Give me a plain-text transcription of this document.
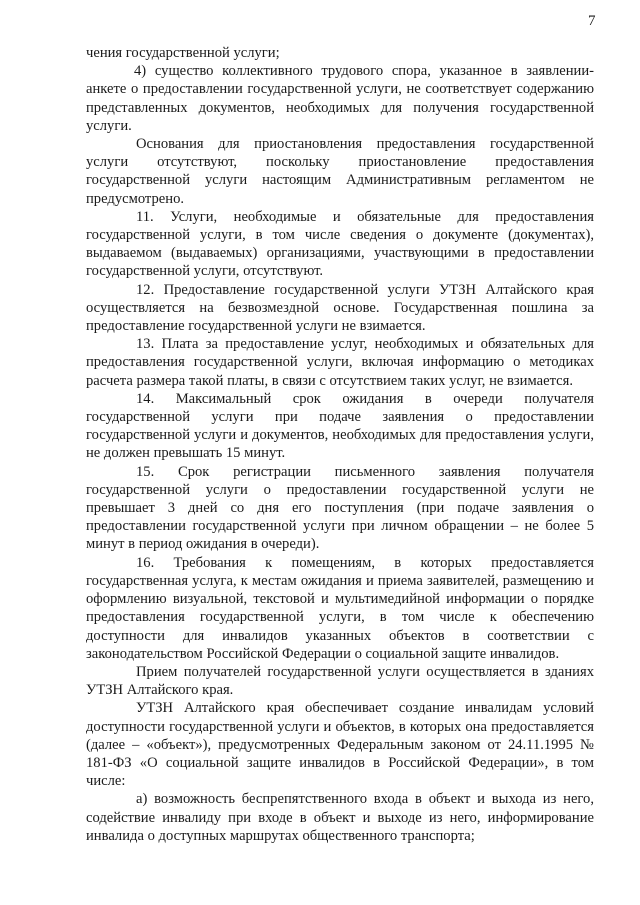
7

чения государственной услуги;

4) существо коллективного трудового спора, указанное в заявлении-анкете о предоставлении государственной услуги, не соответствует содержанию представленных документов, необходимых для получения государственной услуги.

Основания для приостановления предоставления государственной услуги отсутствуют, поскольку приостановление предоставления государственной услуги настоящим Административным регламентом не предусмотрено.

11. Услуги, необходимые и обязательные для предоставления государственной услуги, в том числе сведения о документе (документах), выдаваемом (выдаваемых) организациями, участвующими в предоставлении государственной услуги, отсутствуют.

12. Предоставление государственной услуги УТЗН Алтайского края осуществляется на безвозмездной основе. Государственная пошлина за предоставление государственной услуги не взимается.

13. Плата за предоставление услуг, необходимых и обязательных для предоставления государственной услуги, включая информацию о методиках расчета размера такой платы, в связи с отсутствием таких услуг, не взимается.

14. Максимальный срок ожидания в очереди получателя государственной услуги при подаче заявления о предоставлении государственной услуги и документов, необходимых для предоставления услуги, не должен превышать 15 минут.

15. Срок регистрации письменного заявления получателя государственной услуги о предоставлении государственной услуги не превышает 3 дней со дня его поступления (при подаче заявления о предоставлении государственной услуги при личном обращении – не более 5 минут в период ожидания в очереди).

16. Требования к помещениям, в которых предоставляется государственная услуга, к местам ожидания и приема заявителей, размещению и оформлению визуальной, текстовой и мультимедийной информации о порядке предоставления государственной услуги, в том числе к обеспечению доступности для инвалидов указанных объектов в соответствии с законодательством Российской Федерации о социальной защите инвалидов.

Прием получателей государственной услуги осуществляется в зданиях УТЗН Алтайского края.

УТЗН Алтайского края обеспечивает создание инвалидам условий доступности государственной услуги и объектов, в которых она предоставляется (далее – «объект»), предусмотренных Федеральным законом от 24.11.1995 № 181-ФЗ «О социальной защите инвалидов в Российской Федерации», в том числе:

а) возможность беспрепятственного входа в объект и выхода из него, содействие инвалиду при входе в объект и выходе из него, информирование инвалида о доступных маршрутах общественного транспорта;
